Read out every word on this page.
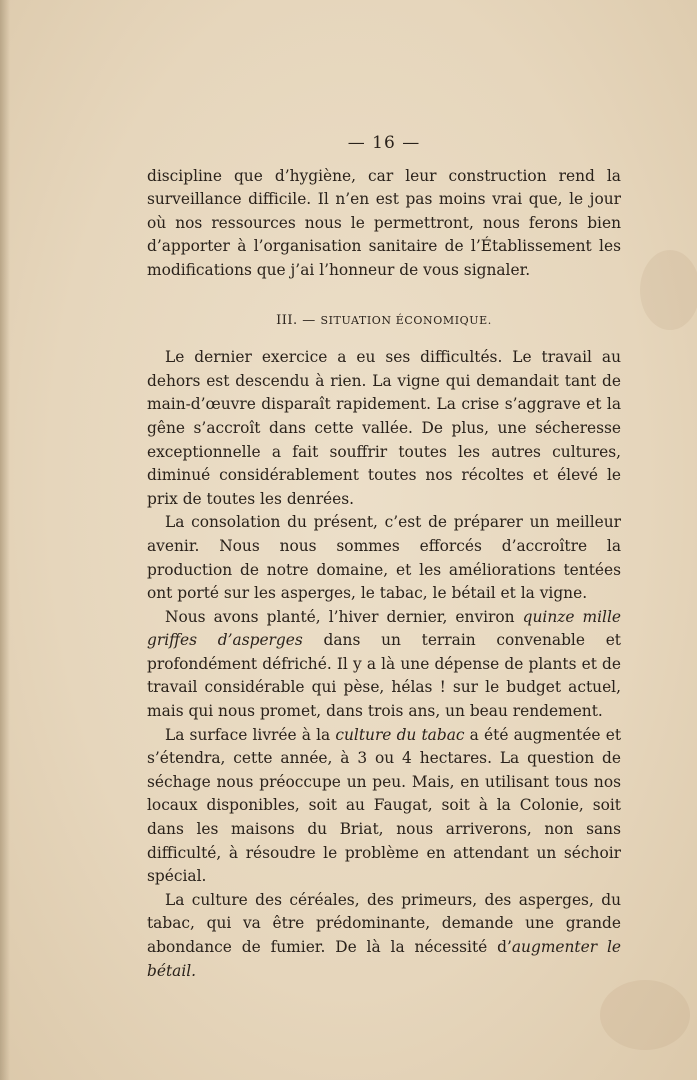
— 16 —

discipline que d’hygiène, car leur construction rend la surveillance difficile. Il n’en est pas moins vrai que, le jour où nos ressources nous le permettront, nous ferons bien d’apporter à l’organisation sanitaire de l’Établissement les modifications que j’ai l’honneur de vous signaler.

III. — SITUATION ÉCONOMIQUE.

Le dernier exercice a eu ses difficultés. Le travail au dehors est descendu à rien. La vigne qui demandait tant de main-d’œuvre disparaît rapidement. La crise s’aggrave et la gêne s’accroît dans cette vallée. De plus, une sécheresse exceptionnelle a fait souffrir toutes les autres cultures, diminué considérablement toutes nos récoltes et élevé le prix de toutes les denrées.

La consolation du présent, c’est de préparer un meilleur avenir. Nous nous sommes efforcés d’accroître la production de notre domaine, et les améliorations tentées ont porté sur les asperges, le tabac, le bétail et la vigne.

Nous avons planté, l’hiver dernier, environ quinze mille griffes d’asperges dans un terrain convenable et profondément défriché. Il y a là une dépense de plants et de travail considérable qui pèse, hélas ! sur le budget actuel, mais qui nous promet, dans trois ans, un beau rendement.

La surface livrée à la culture du tabac a été augmentée et s’étendra, cette année, à 3 ou 4 hectares. La question de séchage nous préoccupe un peu. Mais, en utilisant tous nos locaux disponibles, soit au Faugat, soit à la Colonie, soit dans les maisons du Briat, nous arriverons, non sans difficulté, à résoudre le problème en attendant un séchoir spécial.

La culture des céréales, des primeurs, des asperges, du tabac, qui va être prédominante, demande une grande abondance de fumier. De là la nécessité d’augmenter le bétail.
